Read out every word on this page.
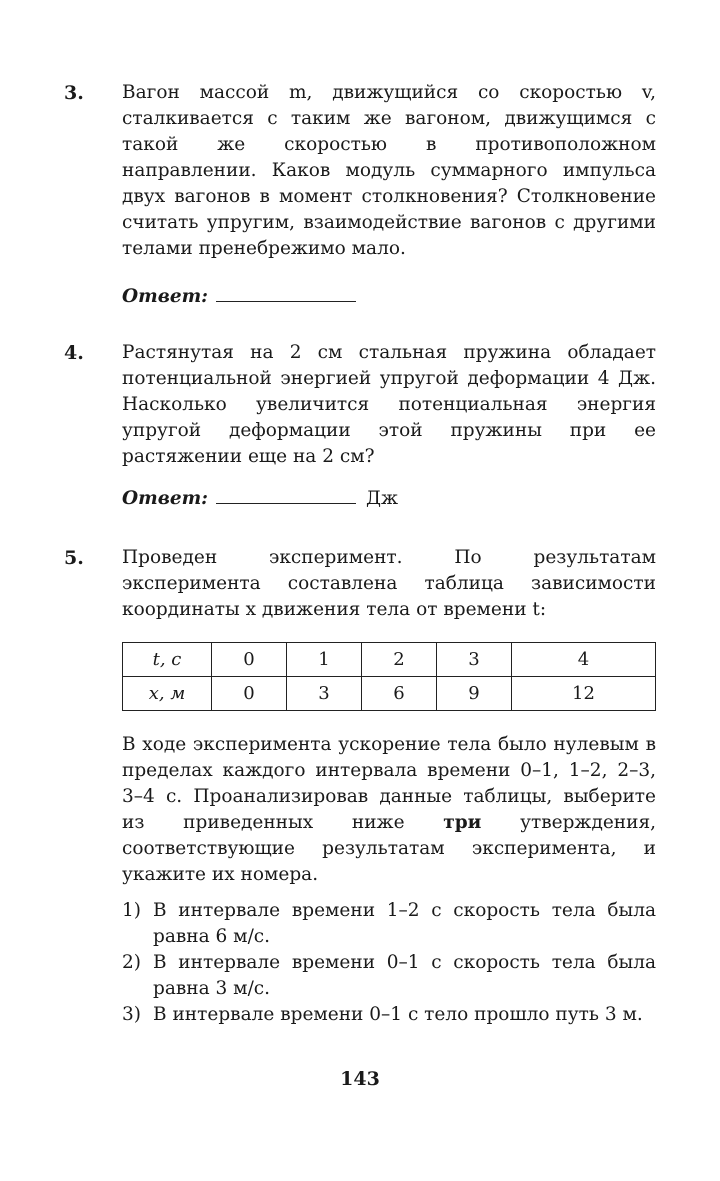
3. Вагон массой m, движущийся со скоростью v, сталкивается с таким же вагоном, движущимся с такой же скоростью в противоположном направлении. Каков модуль суммарного импульса двух вагонов в момент столкновения? Столкновение считать упругим, взаимодействие вагонов с другими телами пренебрежимо мало.
Ответ:
4. Растянутая на 2 см стальная пружина обладает потенциальной энергией упругой деформации 4 Дж. Насколько увеличится потенциальная энергия упругой деформации этой пружины при ее растяжении еще на 2 см?
Ответ:	Дж
5. Проведен эксперимент. По результатам эксперимента составлена таблица зависимости координаты x движения тела от времени t:
t, с	0	1	2	3	4
x, м	0	3	6	9	12
В ходе эксперимента ускорение тела было нулевым в пределах каждого интервала времени 0–1, 1–2, 2–3, 3–4 с. Проанализировав данные таблицы, выберите из приведенных ниже три утверждения, соответствующие результатам эксперимента, и укажите их номера.
1) В интервале времени 1–2 с скорость тела была равна 6 м/с.
2) В интервале времени 0–1 с скорость тела была равна 3 м/с.
3) В интервале времени 0–1 с тело прошло путь 3 м.
143
